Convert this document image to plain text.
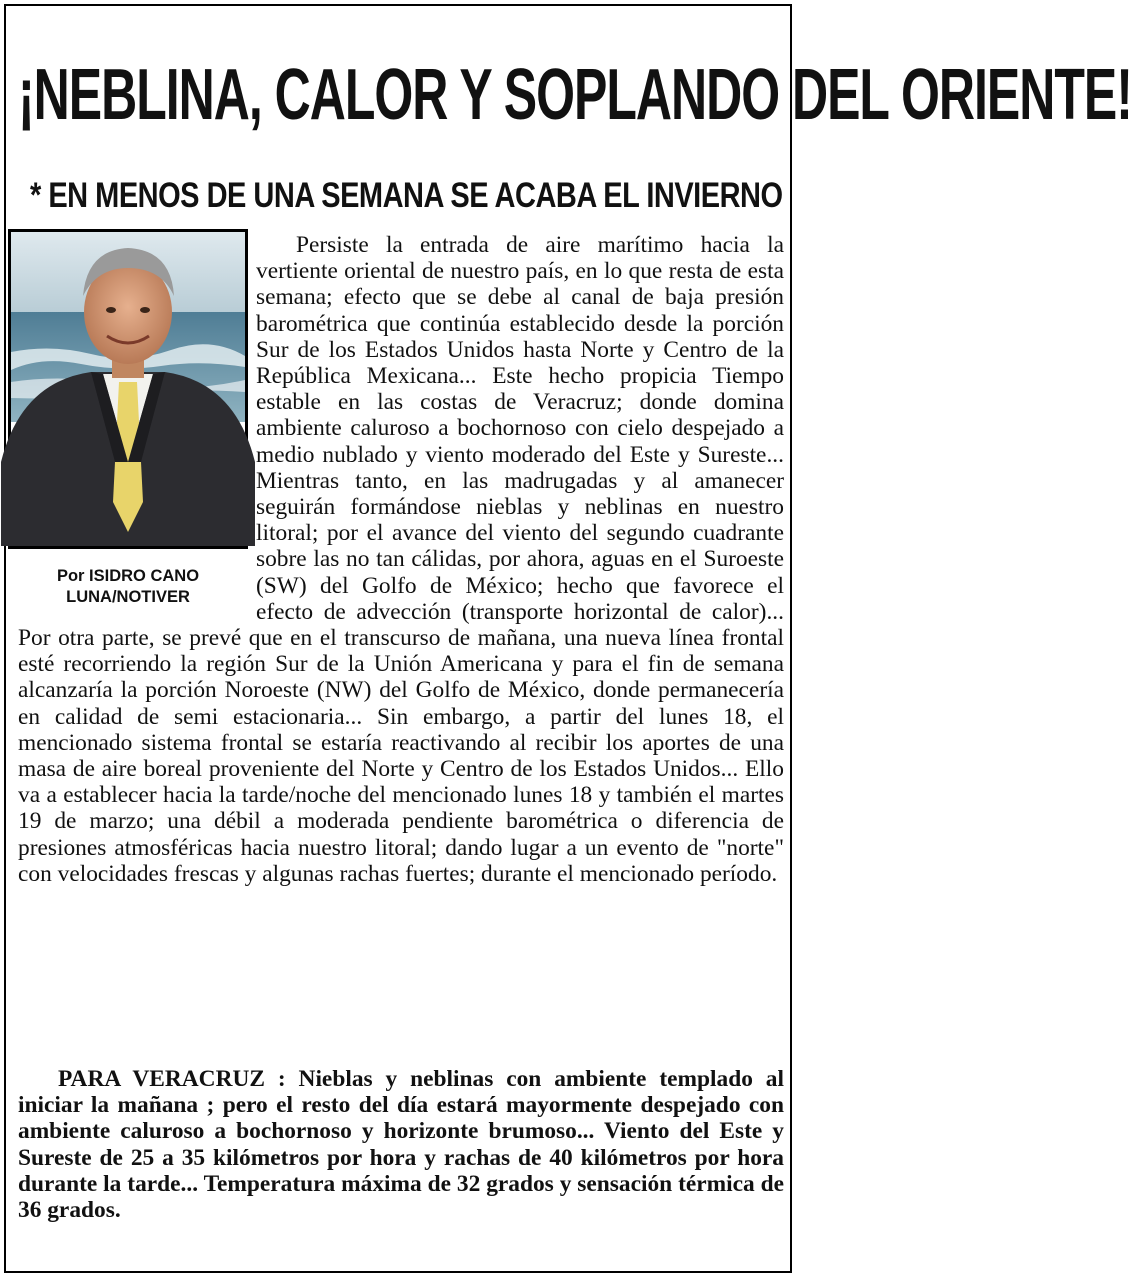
¡NEBLINA, CALOR Y SOPLANDO DEL ORIENTE!
* EN MENOS DE UNA SEMANA SE ACABA EL INVIERNO

Persiste la entrada de aire marítimo hacia la vertiente oriental de nuestro país, en lo que resta de esta semana; efecto que se debe al canal de baja presión barométrica que continúa establecido desde la porción Sur de los Estados Unidos hasta Norte y Centro de la República Mexicana... Este hecho propicia Tiempo estable en las costas de Veracruz; donde domina ambiente caluroso a bochornoso con cielo despejado a medio nublado y viento moderado del Este y Sureste... Mientras tanto, en las madrugadas y al amanecer seguirán formándose nieblas y neblinas en nuestro litoral; por el avance del viento del segundo cuadrante sobre las no tan cálidas, por ahora, aguas en el Suroeste (SW) del Golfo de México; hecho que favorece el efecto de advección (transporte horizontal de calor)... Por otra parte, se prevé que en el transcurso de mañana, una nueva línea frontal esté recorriendo la región Sur de la Unión Americana y para el fin de semana alcanzaría la porción Noroeste (NW) del Golfo de México, donde permanecería en calidad de semi estacionaria... Sin embargo, a partir del lunes 18, el mencionado sistema frontal se estaría reactivando al recibir los aportes de una masa de aire boreal proveniente del Norte y Centro de los Estados Unidos... Ello va a establecer hacia la tarde/noche del mencionado lunes 18 y también el martes 19 de marzo; una débil a moderada pendiente barométrica o diferencia de presiones atmosféricas hacia nuestro litoral; dando lugar a un evento de "norte" con velocidades frescas y algunas rachas fuertes; durante el mencionado período.

Por ISIDRO CANO
LUNA/NOTIVER

PARA VERACRUZ : Nieblas y neblinas con ambiente templado al iniciar la mañana ; pero el resto del día estará mayormente despejado con ambiente caluroso a bochornoso y horizonte brumoso... Viento del Este y Sureste de 25 a 35 kilómetros por hora y rachas de 40 kilómetros por hora durante la tarde... Temperatura máxima de 32 grados y sensación térmica de 36 grados.
